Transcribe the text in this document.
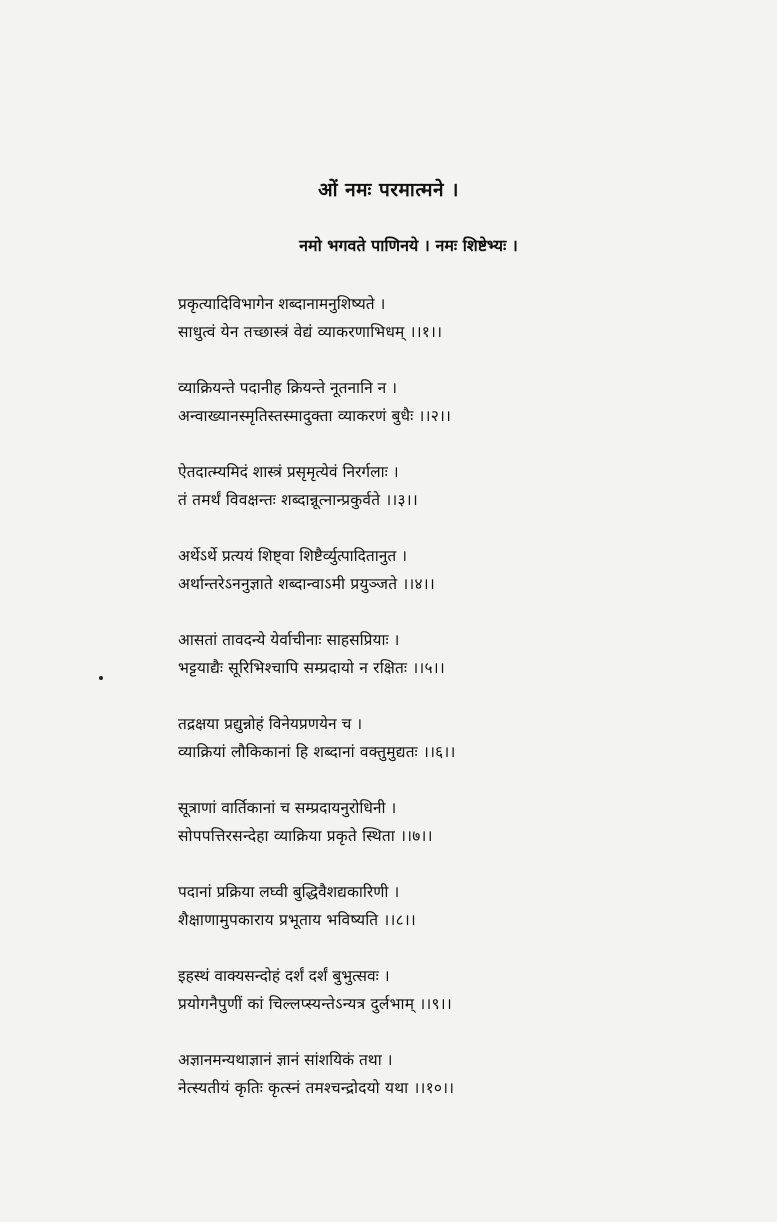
ओं नमः परमात्मने ।
नमो भगवते पाणिनये । नमः शिष्टेभ्यः ।
प्रकृत्यादिविभागेन शब्दानामनुशिष्यते ।
साधुत्वं येन तच्छास्त्रं वेद्यं व्याकरणाभिधम् ।।१।।
व्याक्रियन्ते पदानीह क्रियन्ते नूतनानि न ।
अन्वाख्यानस्मृतिस्तस्मादुक्ता व्याकरणं बुधैः ।।२।।
ऐतदात्म्यमिदं शास्त्रं प्रसृमृत्येवं निरर्गलाः ।
तं तमर्थं विवक्षन्तः शब्दान्नूत्नान्प्रकुर्वते ।।३।।
अर्थेऽर्थे प्रत्ययं शिष्ट्वा शिष्टैर्व्युत्पादितानुत ।
अर्थान्तरेऽननुज्ञाते शब्दान्वाऽमी प्रयुञ्जते ।।४।।
आसतां तावदन्ये येर्वाचीनाः साहसप्रियाः ।
भट्टयाद्यैः सूरिभिश्चापि सम्प्रदायो न रक्षितः ।।५।।
तद्रक्षया प्रद्युन्नोहं विनेयप्रणयेन च ।
व्याक्रियां लौकिकानां हि शब्दानां वक्तुमुद्यतः ।।६।।
सूत्राणां वार्तिकानां च सम्प्रदायनुरोधिनी ।
सोपपत्तिरसन्देहा व्याक्रिया प्रकृते स्थिता ।।७।।
पदानां प्रक्रिया लघ्वी बुद्धिवैशद्यकारिणी ।
शैक्षाणामुपकाराय प्रभूताय भविष्यति ।।८।।
इहस्थं वाक्यसन्दोहं दर्शं दर्शं बुभुत्सवः ।
प्रयोगनैपुणीं कां चिल्लप्स्यन्तेऽन्यत्र दुर्लभाम् ।।९।।
अज्ञानमन्यथाज्ञानं ज्ञानं सांशयिकं तथा ।
नेत्स्यतीयं कृतिः कृत्स्नं तमश्चन्द्रोदयो यथा ।।१०।।
